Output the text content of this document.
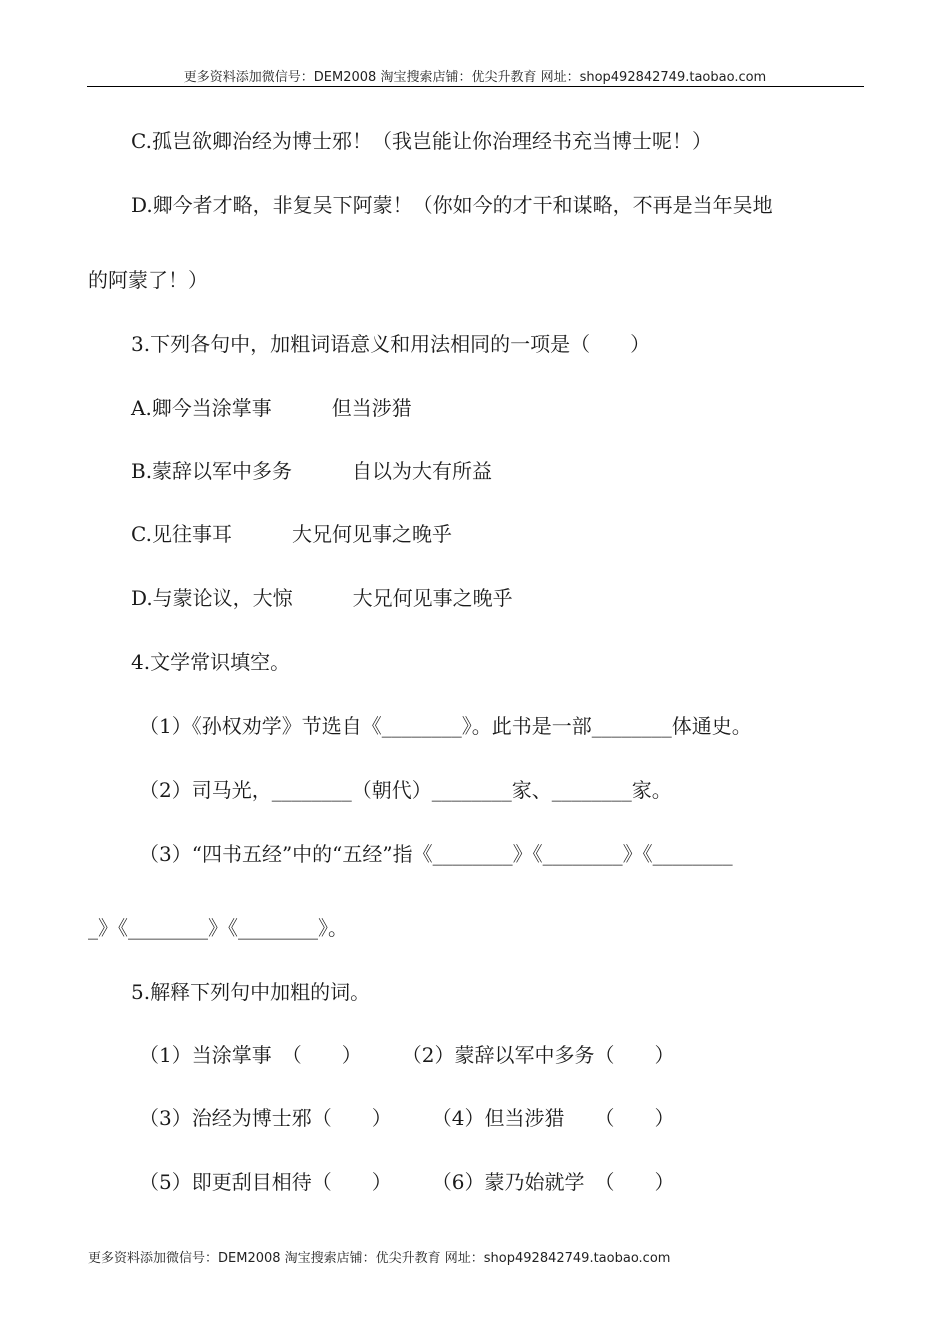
更多资料添加微信号：DEM2008 淘宝搜索店铺：优尖升教育 网址：shop492842749.taobao.com
C.孤岂欲卿治经为博士邪！（我岂能让你治理经书充当博士呢！）
D.卿今者才略，非复吴下阿蒙！（你如今的才干和谋略，不再是当年吴地
的阿蒙了！）
3.下列各句中，加粗词语意义和用法相同的一项是（　　）
A.卿今当涂掌事　　　但当涉猎
B.蒙辞以军中多务　　　自以为大有所益
C.见往事耳　　　大兄何见事之晚乎
D.与蒙论议，大惊　　　大兄何见事之晚乎
4.文学常识填空。
（1）《孙权劝学》节选自《________》。此书是一部________体通史。
（2）司马光，________（朝代）________家、________家。
（3）“四书五经”中的“五经”指《________》《________》《________
_》《________》《________》。
5.解释下列句中加粗的词。
（1）当涂掌事　（　　）　　　（2）蒙辞以军中多务（　　）
（3）治经为博士邪（　　）　　　（4）但当涉猎　　（　　）
（5）即更刮目相待（　　）　　　（6）蒙乃始就学　（　　）
更多资料添加微信号：DEM2008 淘宝搜索店铺：优尖升教育 网址：shop492842749.taobao.com
